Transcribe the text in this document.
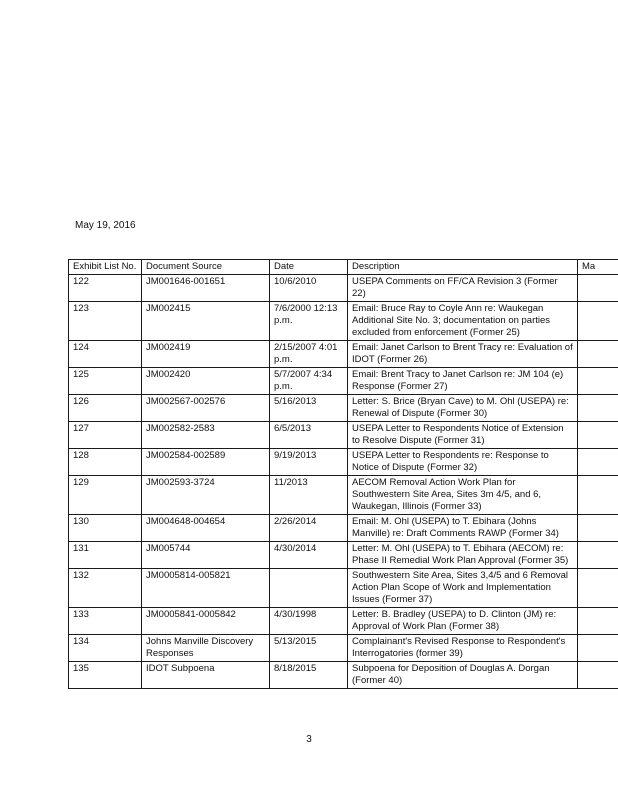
May 19, 2016
Exhibit List No.	Document Source	Date	Description	Ma
122	JM001646-001651	10/6/2010	USEPA Comments on FF/CA Revision 3 (Former 22)	
123	JM002415	7/6/2000 12:13 p.m.	Email: Bruce Ray to Coyle Ann re: Waukegan Additional Site No. 3; documentation on parties excluded from enforcement (Former 25)	
124	JM002419	2/15/2007 4:01 p.m.	Email: Janet Carlson to Brent Tracy re: Evaluation of IDOT (Former 26)	
125	JM002420	5/7/2007 4:34 p.m.	Email: Brent Tracy to Janet Carlson re: JM 104 (e) Response (Former 27)	
126	JM002567-002576	5/16/2013	Letter: S. Brice (Bryan Cave) to M. Ohl (USEPA) re: Renewal of Dispute (Former 30)	
127	JM002582-2583	6/5/2013	USEPA Letter to Respondents Notice of Extension to Resolve Dispute (Former 31)	
128	JM002584-002589	9/19/2013	USEPA Letter to Respondents re: Response to Notice of Dispute (Former 32)	
129	JM002593-3724	11/2013	AECOM Removal Action Work Plan for Southwestern Site Area, Sites 3m 4/5, and 6, Waukegan, Illinois (Former 33)	
130	JM004648-004654	2/26/2014	Email: M. Ohl (USEPA) to T. Ebihara (Johns Manville) re: Draft Comments RAWP (Former 34)	
131	JM005744	4/30/2014	Letter: M. Ohl (USEPA) to T. Ebihara (AECOM) re: Phase II Remedial Work Plan Approval (Former 35)	
132	JM0005814-005821		Southwestern Site Area, Sites 3,4/5 and 6 Removal Action Plan Scope of Work and Implementation Issues (Former 37)	
133	JM0005841-0005842	4/30/1998	Letter: B. Bradley (USEPA) to D. Clinton (JM) re: Approval of Work Plan (Former 38)	
134	Johns Manville Discovery Responses	5/13/2015	Complainant's Revised Response to Respondent's Interrogatories (former 39)	
135	IDOT Subpoena	8/18/2015	Subpoena for Deposition of Douglas A. Dorgan (Former 40)	
3
